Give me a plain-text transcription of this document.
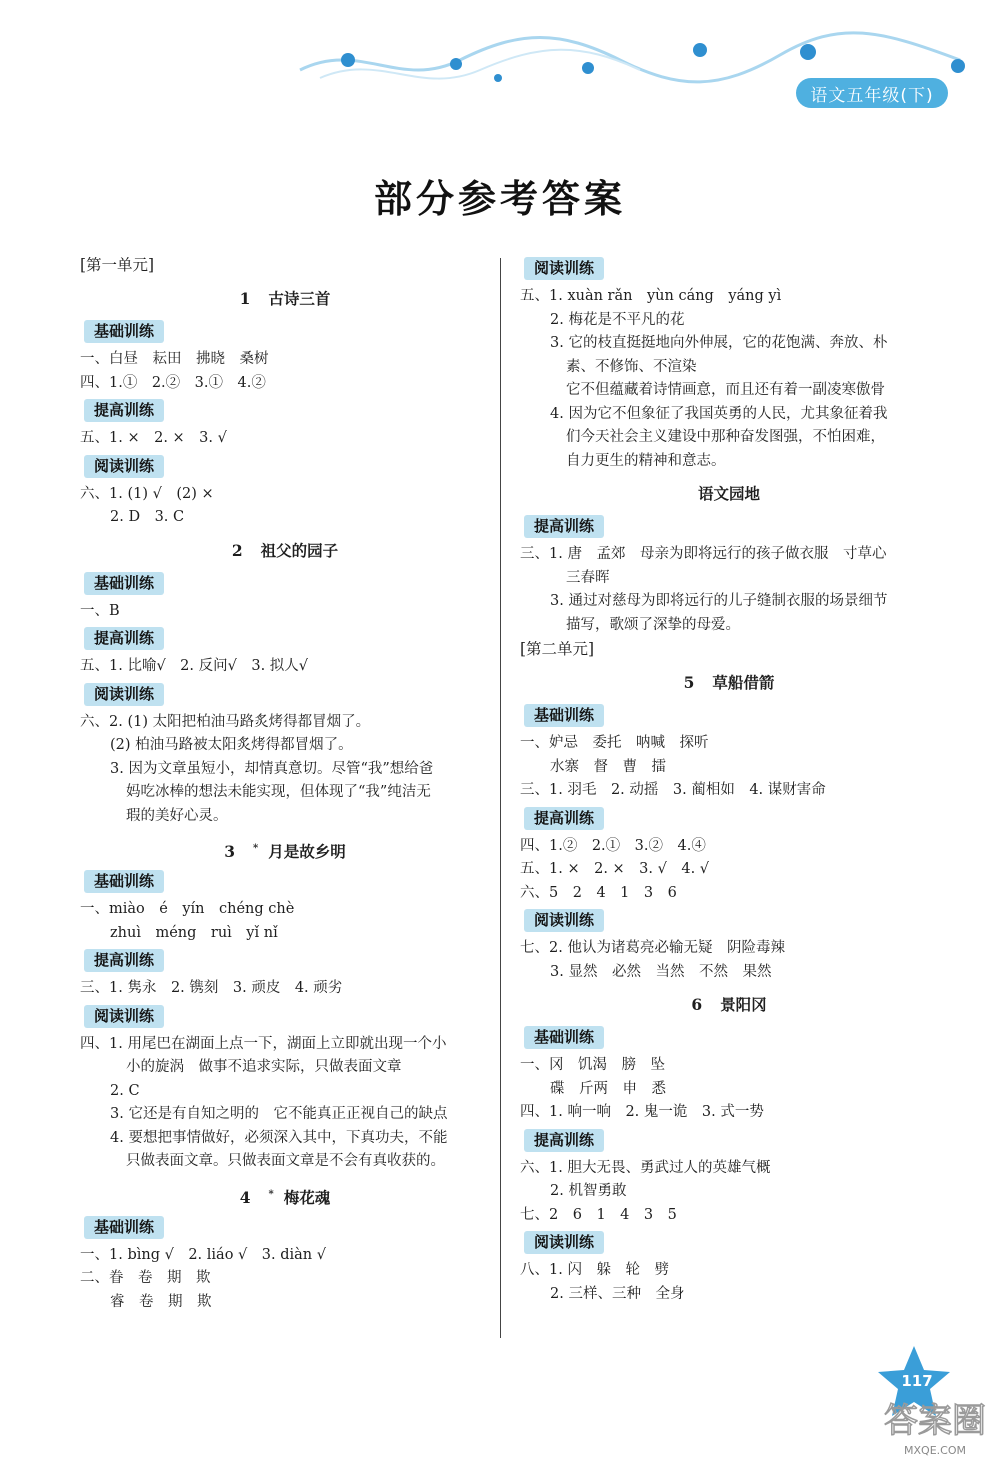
语文五年级(下)
部分参考答案
[第一单元]
1 古诗三首
基础训练
一、白昼　耘田　拂晓　桑树
四、1.①　2.②　3.①　4.②
提高训练
五、1. ×　2. ×　3. √
阅读训练
六、1. (1) √　(2) ×
2. D　3. C
2 祖父的园子
基础训练
一、B
提高训练
五、1. 比喻√　2. 反问√　3. 拟人√
阅读训练
六、2. (1) 太阳把柏油马路炙烤得都冒烟了。
(2) 柏油马路被太阳炙烤得都冒烟了。
3. 因为文章虽短小，却情真意切。尽管“我”想给爸
妈吃冰棒的想法未能实现，但体现了“我”纯洁无
瑕的美好心灵。
3 * 月是故乡明
基础训练
一、miào　é　yín　chéng chè
zhuì　méng　ruì　yǐ nǐ
提高训练
三、1. 隽永　2. 镌刻　3. 顽皮　4. 顽劣
阅读训练
四、1. 用尾巴在湖面上点一下，湖面上立即就出现一个小
小的旋涡　做事不追求实际，只做表面文章
2. C
3. 它还是有自知之明的　它不能真正正视自己的缺点
4. 要想把事情做好，必须深入其中，下真功夫，不能
只做表面文章。只做表面文章是不会有真收获的。
4 * 梅花魂
基础训练
一、1. bìng √　2. liáo √　3. diàn √
二、眷　卷　期　欺
睿　卷　期　欺
阅读训练
五、1. xuàn rǎn　yùn cáng　yáng yì
2. 梅花是不平凡的花
3. 它的枝直挺挺地向外伸展，它的花饱满、奔放、朴
素、不修饰、不渲染
它不但蕴藏着诗情画意，而且还有着一副凌寒傲骨
4. 因为它不但象征了我国英勇的人民，尤其象征着我
们今天社会主义建设中那种奋发图强，不怕困难，
自力更生的精神和意志。
语文园地
提高训练
三、1. 唐　孟郊　母亲为即将远行的孩子做衣服　寸草心
三春晖
3. 通过对慈母为即将远行的儿子缝制衣服的场景细节
描写，歌颂了深挚的母爱。
[第二单元]
5 草船借箭
基础训练
一、妒忌　委托　呐喊　探听
水寨　督　曹　擂
三、1. 羽毛　2. 动摇　3. 蔺相如　4. 谋财害命
提高训练
四、1.②　2.①　3.②　4.④
五、1. ×　2. ×　3. √　4. √
六、5　2　4　1　3　6
阅读训练
七、2. 他认为诸葛亮必输无疑　阴险毒辣
3. 显然　必然　当然　不然　果然
6 景阳冈
基础训练
一、冈　饥渴　膀　坠
碟　斤两　申　悉
四、1. 响一响　2. 鬼一诡　3. 式一势
提高训练
六、1. 胆大无畏、勇武过人的英雄气概
2. 机智勇敢
七、2　6　1　4　3　5
阅读训练
八、1. 闪　躲　轮　劈
2. 三样、三种　全身
117
答案圈
MXQE.COM
